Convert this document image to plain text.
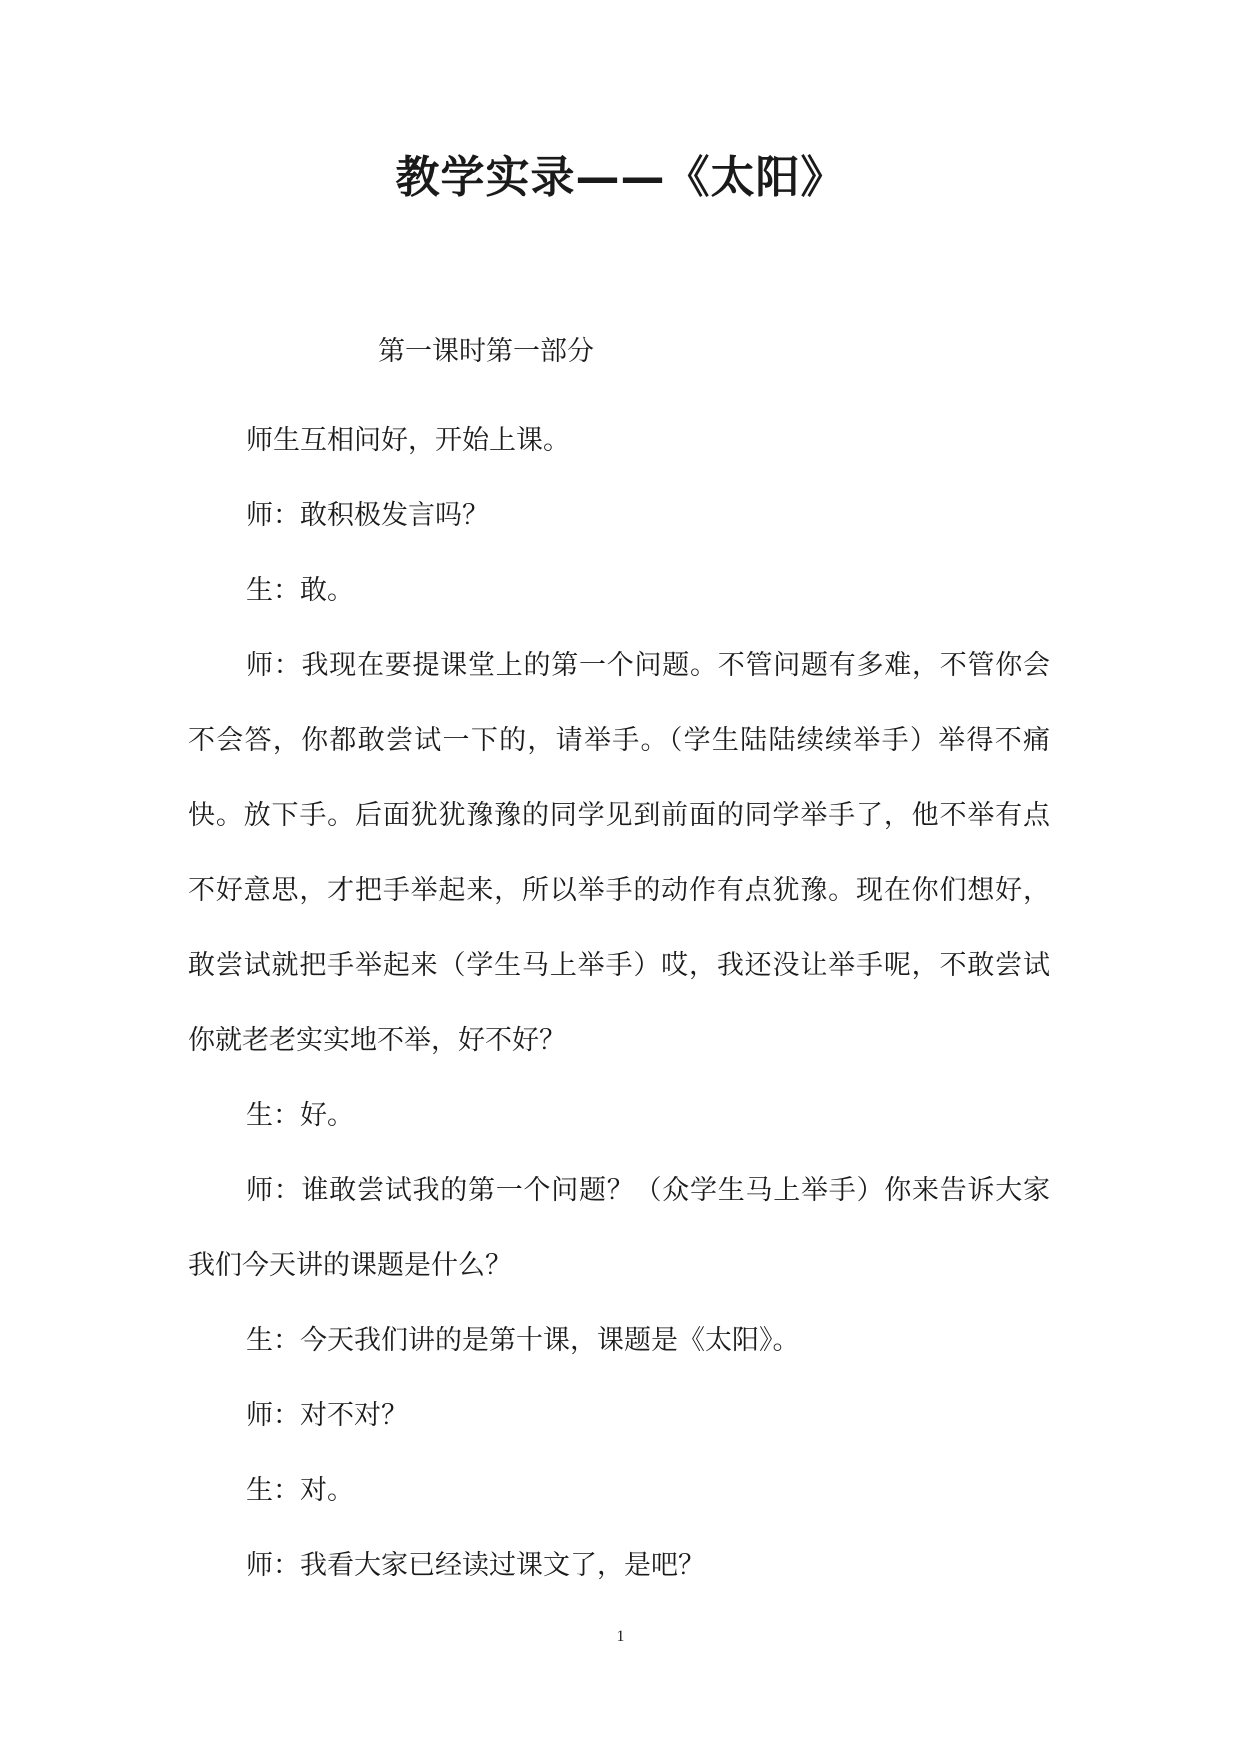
教学实录——《太阳》
第一课时第一部分

师生互相问好，开始上课。

师：敢积极发言吗？

生：敢。

师：我现在要提课堂上的第一个问题。不管问题有多难，不管你会不会答，你都敢尝试一下的，请举手。（学生陆陆续续举手）举得不痛快。放下手。后面犹犹豫豫的同学见到前面的同学举手了，他不举有点不好意思，才把手举起来，所以举手的动作有点犹豫。现在你们想好，敢尝试就把手举起来（学生马上举手）哎，我还没让举手呢，不敢尝试你就老老实实地不举，好不好？

生：好。

师：谁敢尝试我的第一个问题？（众学生马上举手）你来告诉大家我们今天讲的课题是什么？

生：今天我们讲的是第十课，课题是《太阳》。

师：对不对？

生：对。

师：我看大家已经读过课文了，是吧？

1
